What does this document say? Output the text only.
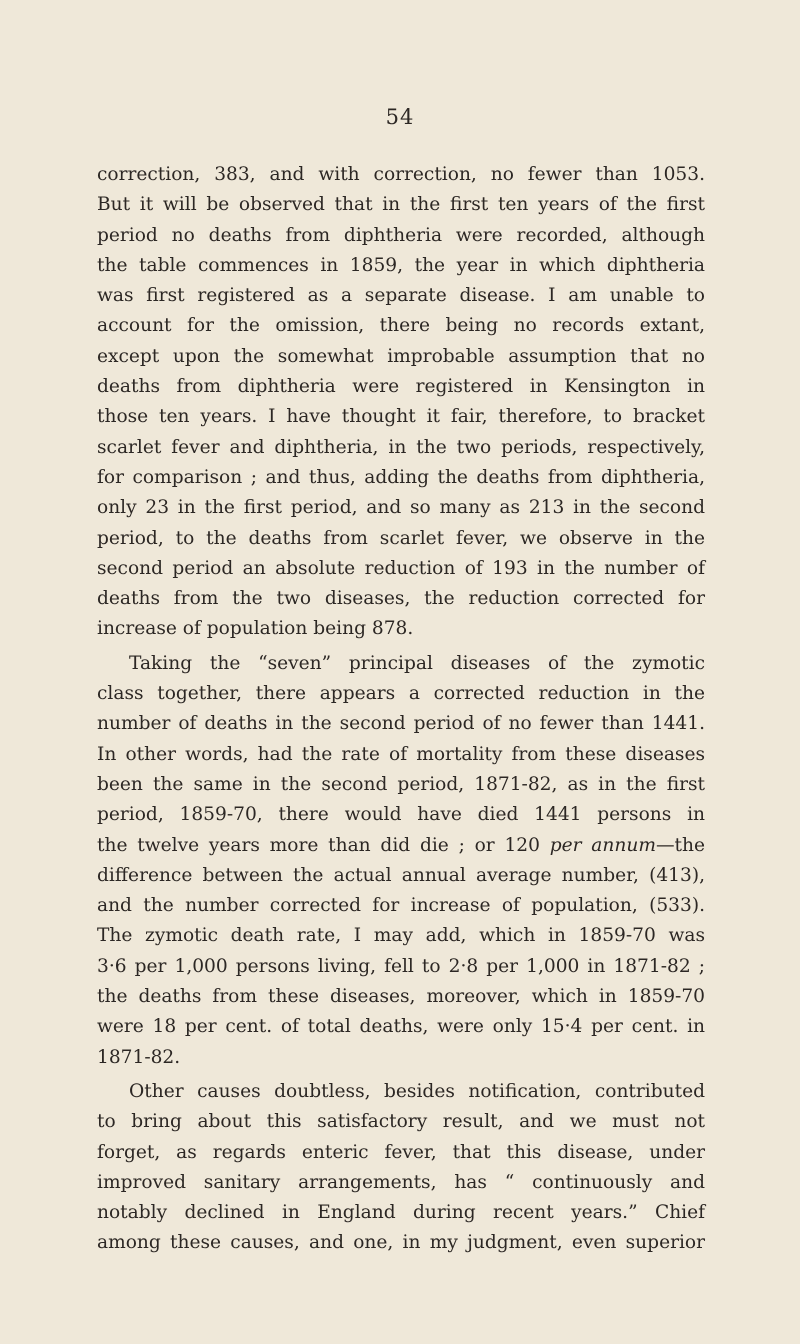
54
correction, 383, and with correction, no fewer than 1053.
But it will be observed that in the first ten years of the first
period no deaths from diphtheria were recorded, although
the table commences in 1859, the year in which diphtheria
was first registered as a separate disease. I am unable to
account for the omission, there being no records extant,
except upon the somewhat improbable assumption that no
deaths from diphtheria were registered in Kensington in
those ten years. I have thought it fair, therefore, to bracket
scarlet fever and diphtheria, in the two periods, respectively,
for comparison ; and thus, adding the deaths from diphtheria,
only 23 in the first period, and so many as 213 in the second
period, to the deaths from scarlet fever, we observe in the
second period an absolute reduction of 193 in the number of
deaths from the two diseases, the reduction corrected for
increase of population being 878.
Taking the “seven” principal diseases of the zymotic
class together, there appears a corrected reduction in the
number of deaths in the second period of no fewer than 1441.
In other words, had the rate of mortality from these diseases
been the same in the second period, 1871-82, as in the first
period, 1859-70, there would have died 1441 persons in
the twelve years more than did die ; or 120 per annum—the
difference between the actual annual average number, (413),
and the number corrected for increase of population, (533).
The zymotic death rate, I may add, which in 1859-70 was
3·6 per 1,000 persons living, fell to 2·8 per 1,000 in 1871-82 ;
the deaths from these diseases, moreover, which in 1859-70
were 18 per cent. of total deaths, were only 15·4 per cent. in
1871-82.
Other causes doubtless, besides notification, contributed
to bring about this satisfactory result, and we must not
forget, as regards enteric fever, that this disease, under
improved sanitary arrangements, has “ continuously and
notably declined in England during recent years.” Chief
among these causes, and one, in my judgment, even superior
